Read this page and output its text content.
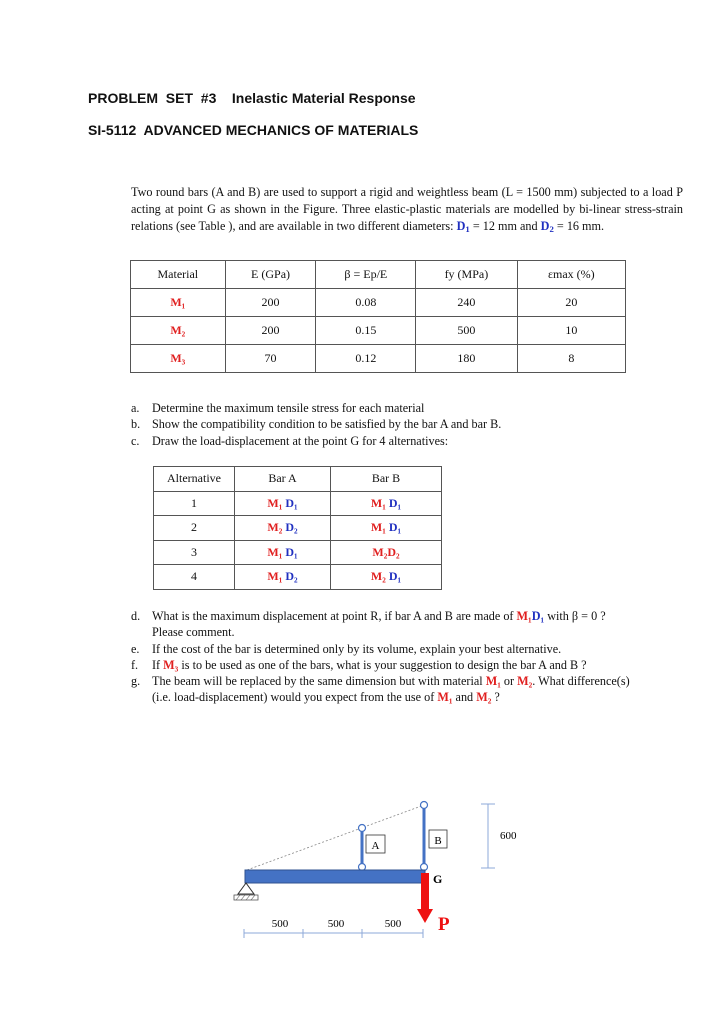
PROBLEM  SET  #3    Inelastic Material Response
SI-5112  ADVANCED MECHANICS OF MATERIALS
Two round bars (A and B) are used to support a rigid and weightless beam (L = 1500 mm) subjected to a load P acting at point G as shown in the Figure. Three elastic-plastic materials are modelled by bi-linear stress-strain relations (see Table ), and are available in two different diameters: D1 = 12 mm and D2 = 16 mm.
Material	E (GPa)	β = Ep/E	fy (MPa)	εmax (%)
M₁	200	0.08	240	20
M₂	200	0.15	500	10
M₃	70	0.12	180	8
a.	Determine the maximum tensile stress for each material
b. Show the compatibility condition to be satisfied by the bar A and bar B.
c.	Draw the load-displacement at the point G for 4 alternatives:
Alternative	Bar A	Bar B
1	M₁ D₁	M₁ D₁
2	M₂ D₂	M₁ D₁
3	M₁ D₁	M₂D₂
4	M₁ D₂	M₂ D₁
d. What is the maximum displacement at point R, if bar A and B are made of M₁D₁ with β = 0 ?
Please comment.
e.	If the cost of the bar is determined only by its volume, explain your best alternative.
f.	If M₃ is to be used as one of the bars, what is your suggestion to design the bar A and B ?
g. The beam will be replaced by the same dimension but with material M₁ or M₂. What difference(s)
(i.e. load-displacement) would you expect from the use of M₁ and M₂ ?
A	B
G
P
600
500	500	500
